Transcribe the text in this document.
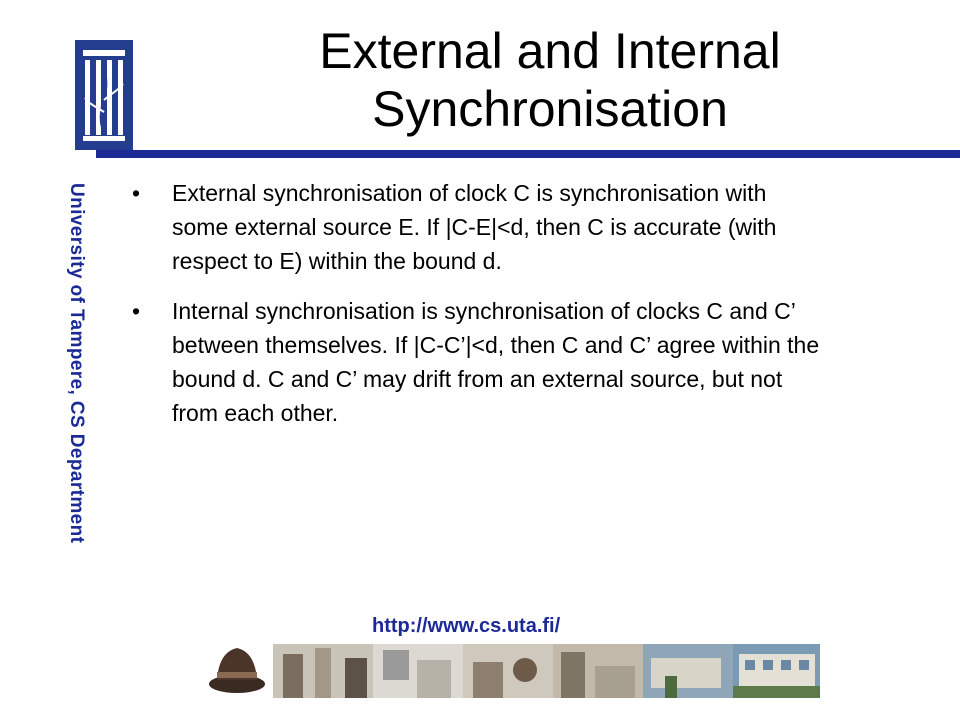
External and Internal Synchronisation
University of Tampere, CS Department • External synchronisation of clock C is synchronisation with some external source E. If |C-E|<d, then C is accurate (with respect to E) within the bound d.
• Internal synchronisation is synchronisation of clocks C and C’ between themselves. If |C-C’|<d, then C and C’ agree within the bound d. C and C’ may drift from an external source, but not from each other.
http://www.cs.uta.fi/
